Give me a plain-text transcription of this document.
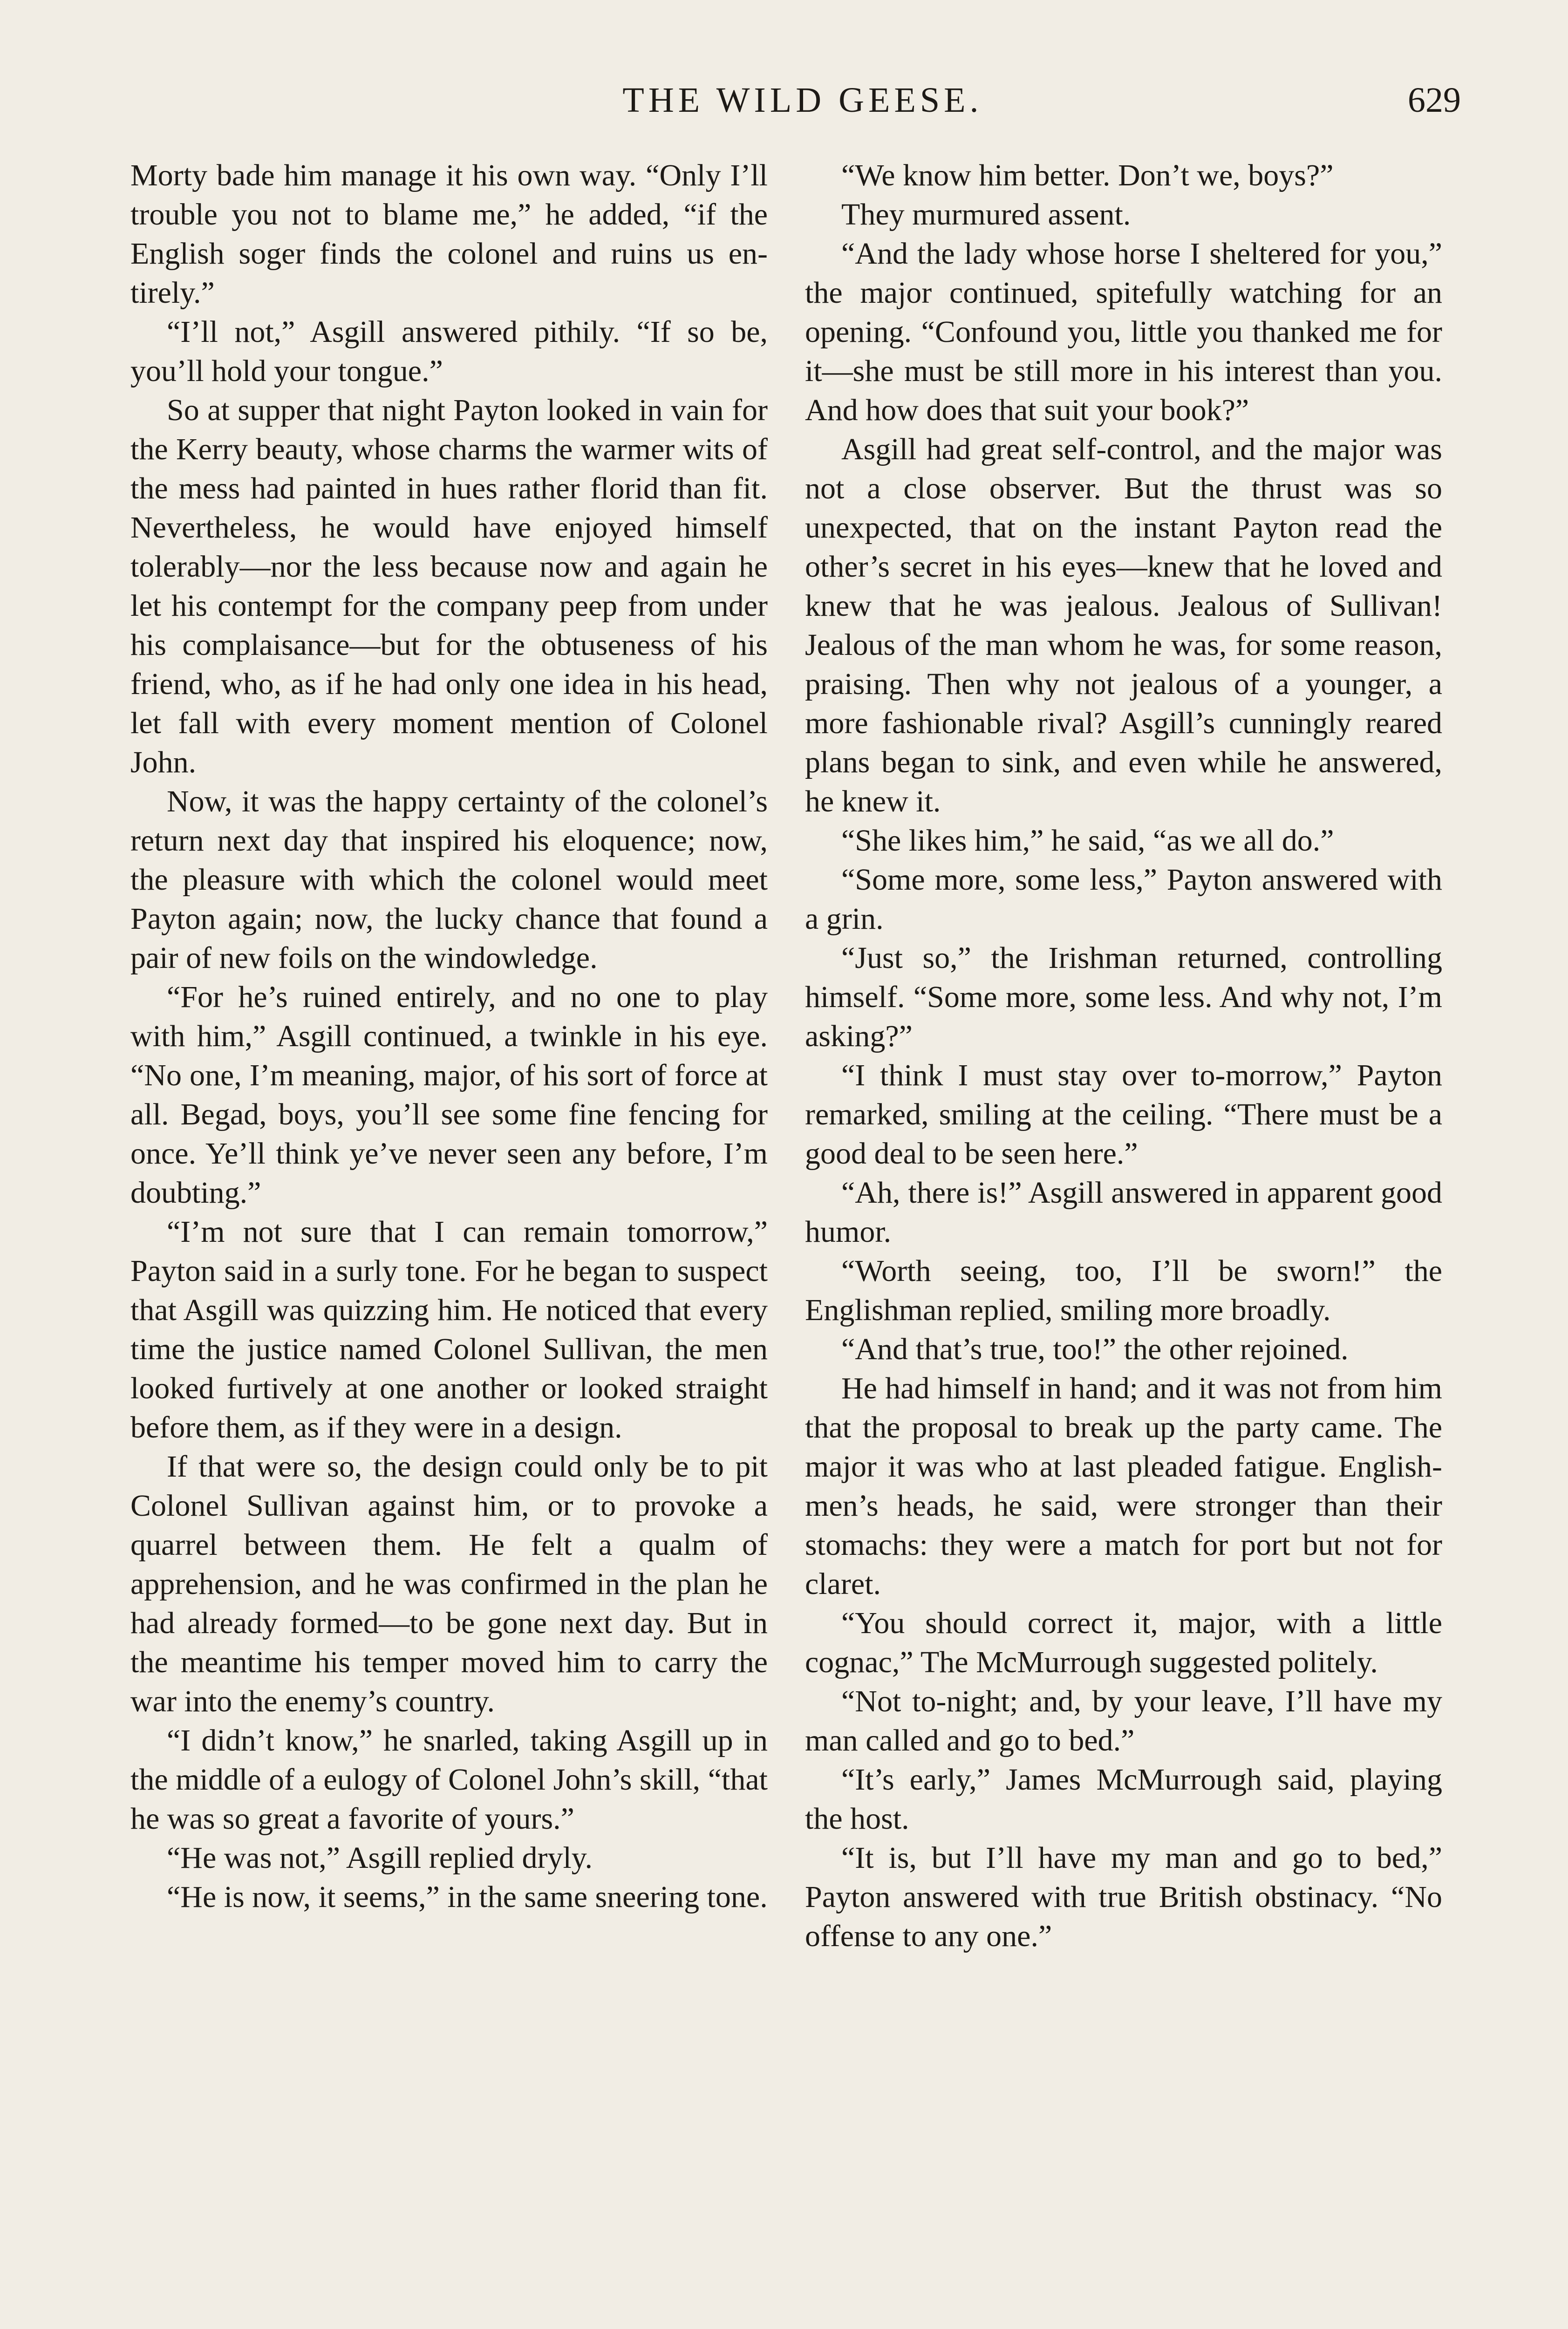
THE WILD GEESE.	629

Morty bade him manage it his own way. “Only I’ll trouble you not to blame me,” he added, “if the English soger finds the colonel and ruins us entirely.”

“I’ll not,” Asgill answered pithily. “If so be, you’ll hold your tongue.”

So at supper that night Payton looked in vain for the Kerry beauty, whose charms the warmer wits of the mess had painted in hues rather florid than fit. Nevertheless, he would have enjoyed himself tolerably—nor the less because now and again he let his contempt for the company peep from under his complaisance—but for the obtuseness of his friend, who, as if he had only one idea in his head, let fall with every moment mention of Colonel John.

Now, it was the happy certainty of the colonel’s return next day that inspired his eloquence; now, the pleasure with which the colonel would meet Payton again; now, the lucky chance that found a pair of new foils on the windowledge.

“For he’s ruined entirely, and no one to play with him,” Asgill continued, a twinkle in his eye. “No one, I’m meaning, major, of his sort of force at all. Begad, boys, you’ll see some fine fencing for once. Ye’ll think ye’ve never seen any before, I’m doubting.”

“I’m not sure that I can remain tomorrow,” Payton said in a surly tone. For he began to suspect that Asgill was quizzing him. He noticed that every time the justice named Colonel Sullivan, the men looked furtively at one another or looked straight before them, as if they were in a design.

If that were so, the design could only be to pit Colonel Sullivan against him, or to provoke a quarrel between them. He felt a qualm of apprehension, and he was confirmed in the plan he had already formed—to be gone next day. But in the meantime his temper moved him to carry the war into the enemy’s country.

“I didn’t know,” he snarled, taking Asgill up in the middle of a eulogy of Colonel John’s skill, “that he was so great a favorite of yours.”

“He was not,” Asgill replied dryly.

“He is now, it seems,” in the same sneering tone.

“We know him better. Don’t we, boys?”

They murmured assent.

“And the lady whose horse I sheltered for you,” the major continued, spitefully watching for an opening. “Confound you, little you thanked me for it—she must be still more in his interest than you. And how does that suit your book?”

Asgill had great self-control, and the major was not a close observer. But the thrust was so unexpected, that on the instant Payton read the other’s secret in his eyes—knew that he loved and knew that he was jealous. Jealous of Sullivan! Jealous of the man whom he was, for some reason, praising. Then why not jealous of a younger, a more fashionable rival? Asgill’s cunningly reared plans began to sink, and even while he answered, he knew it.

“She likes him,” he said, “as we all do.”

“Some more, some less,” Payton answered with a grin.

“Just so,” the Irishman returned, controlling himself. “Some more, some less. And why not, I’m asking?”

“I think I must stay over to-morrow,” Payton remarked, smiling at the ceiling. “There must be a good deal to be seen here.”

“Ah, there is!” Asgill answered in apparent good humor.

“Worth seeing, too, I’ll be sworn!” the Englishman replied, smiling more broadly.

“And that’s true, too!” the other rejoined.

He had himself in hand; and it was not from him that the proposal to break up the party came. The major it was who at last pleaded fatigue. Englishmen’s heads, he said, were stronger than their stomachs: they were a match for port but not for claret.

“You should correct it, major, with a little cognac,” The McMurrough suggested politely.

“Not to-night; and, by your leave, I’ll have my man called and go to bed.”

“It’s early,” James McMurrough said, playing the host.

“It is, but I’ll have my man and go to bed,” Payton answered with true British obstinacy. “No offense to any one.”
